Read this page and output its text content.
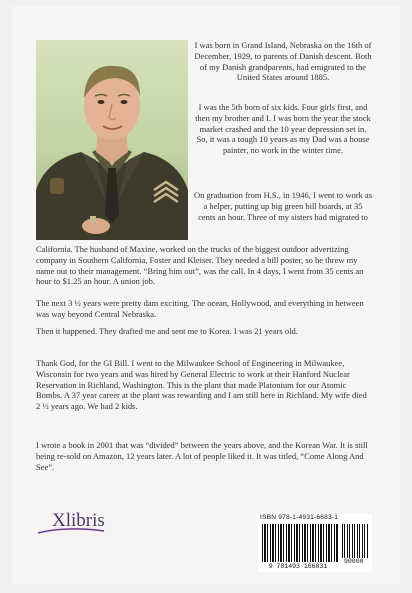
I was born in Grand Island, Nebraska on the 16th of December, 1929, to parents of Danish descent. Both of my Danish grandparents, had emigrated to the United States around 1885.

I was the 5th born of six kids. Four girls first, and then my brother and I. I was born the year the stock market crashed and the 10 year depression set in. So, it was a tough 10 years as my Dad was a house painter, no work in the winter time.

On graduation from H.S., in 1946, I went to work as a helper, putting up big green bill boards, at 35 cents an hour. Three of my sisters had migrated to

California. The husband of Maxine, worked on the trucks of the biggest outdoor advertizing company in Southern California, Foster and Kleiser. They needed a bill poster, so he threw my name out to their management. “Bring him out”, was the call. In 4 days, I went from 35 cents an hour to $1.25 an hour. A union job.

The next 3 ½ years were pretty dam exciting. The ocean, Hollywood, and everything in between was way beyond Central Nebraska.

Then it happened. They drafted me and sent me to Korea. I was 21 years old.

Thank God, for the GI Bill. I went to the Milwaukee School of Engineering in Milwaukee, Wisconsin for two years and was hired by General Electric to work at their Hanford Nuclear Reservation in Richland, Washington. This is the plant that made Platonium for our Atomic Bombs. A 37 year career at the plant was rewarding and I am still here in Richland. My wife died 2 ½ years ago. We had 2 kids.

I wrote a book in 2001 that was “divided” between the years above, and the Korean War. It is still being re-sold on Amazon, 12 years later. A lot of people liked it. It was titled, “Come Along And See”.

Xlibris	ISBN 978-1-4931-6683-1
9 781493 166831
90000
